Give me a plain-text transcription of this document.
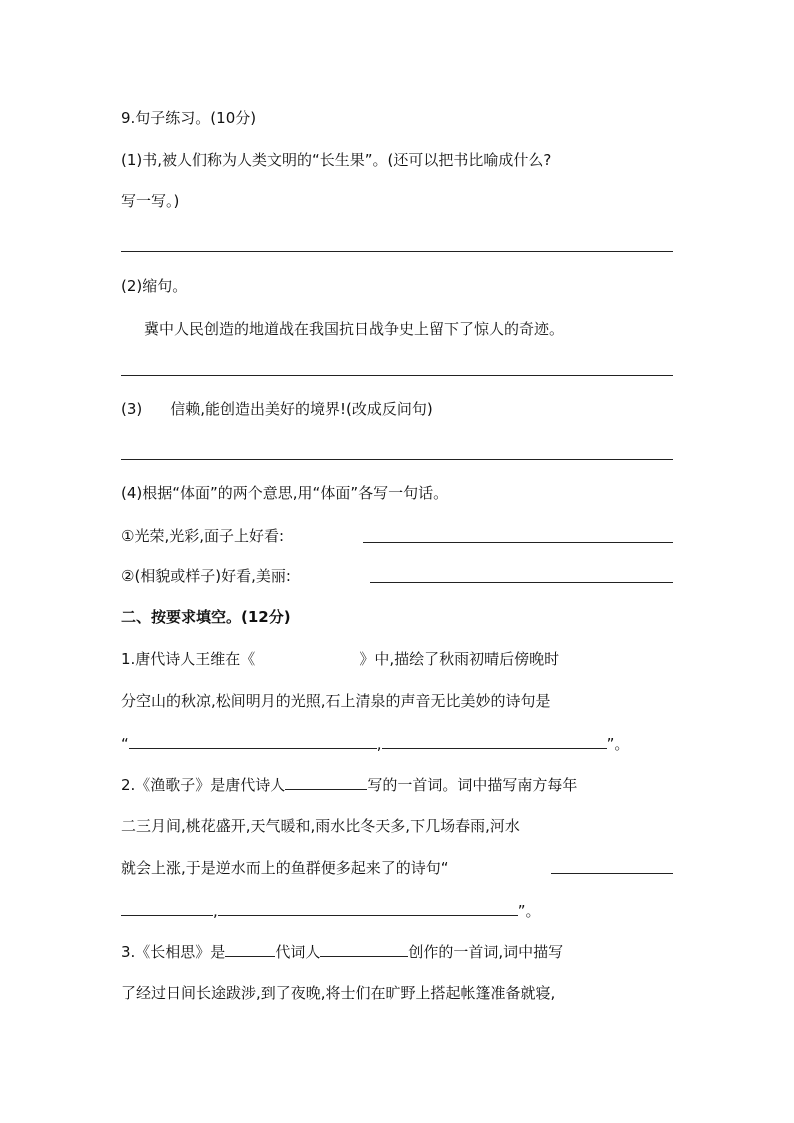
9.句子练习。(10分)
(1)书,被人们称为人类文明的“长生果”。(还可以把书比喻成什么?
写一写。)
(2)缩句。
冀中人民创造的地道战在我国抗日战争史上留下了惊人的奇迹。
(3) 信赖,能创造出美好的境界!(改成反问句)
(4)根据“体面”的两个意思,用“体面”各写一句话。
①光荣,光彩,面子上好看:
②(相貌或样子)好看,美丽:
二、按要求填空。(12分)
1.唐代诗人王维在《	》中,描绘了秋雨初晴后傍晚时
分空山的秋凉,松间明月的光照,石上清泉的声音无比美妙的诗句是
“	,	”。
2.《渔歌子》是唐代诗人	写的一首词。词中描写南方每年
二三月间,桃花盛开,天气暖和,雨水比冬天多,下几场春雨,河水
就会上涨,于是逆水而上的鱼群便多起来了的诗句“
,	”。
3.《长相思》是	代词人	创作的一首词,词中描写
了经过日间长途跋涉,到了夜晚,将士们在旷野上搭起帐篷准备就寝,
